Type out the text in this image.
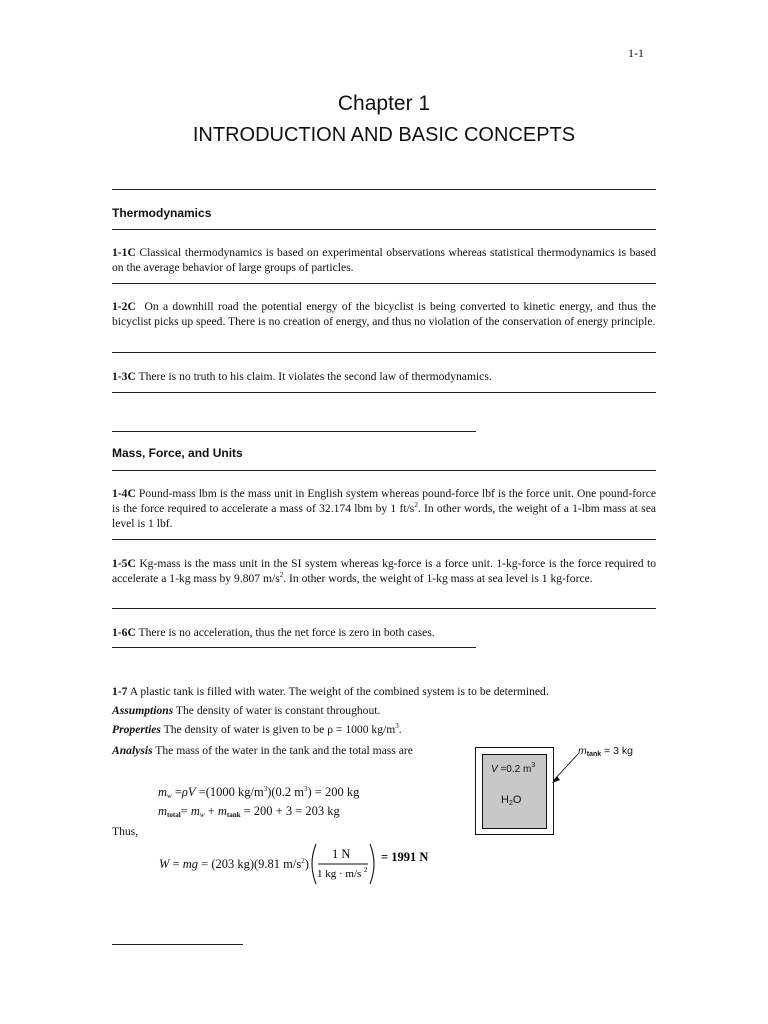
1-1
Chapter 1
INTRODUCTION AND BASIC CONCEPTS
Thermodynamics
1-1C Classical thermodynamics is based on experimental observations whereas statistical thermodynamics is based on the average behavior of large groups of particles.
1-2C On a downhill road the potential energy of the bicyclist is being converted to kinetic energy, and thus the bicyclist picks up speed. There is no creation of energy, and thus no violation of the conservation of energy principle.
1-3C There is no truth to his claim. It violates the second law of thermodynamics.
Mass, Force, and Units
1-4C Pound-mass lbm is the mass unit in English system whereas pound-force lbf is the force unit. One pound-force is the force required to accelerate a mass of 32.174 lbm by 1 $ft/s^2$. In other words, the weight of a 1-lbm mass at sea level is 1 lbf.
1-5C Kg-mass is the mass unit in the SI system whereas kg-force is a force unit. 1-kg-force is the force required to accelerate a 1-kg mass by 9.807 $m/s^2$. In other words, the weight of 1-kg mass at sea level is 1 kg-force.
1-6C There is no acceleration, thus the net force is zero in both cases.
1-7 A plastic tank is filled with water. The weight of the combined system is to be determined.
Assumptions The density of water is constant throughout.
Properties The density of water is given to be ρ = 1000 $kg/m^3$.
Analysis The mass of the water in the tank and the total mass are
$m_w =\rho V =(1000$ $kg/m^3)(0.2$ $m^3) = 200$ kg
$m_{total}= m_w + m_{tank} = 200 + 3 = 203$ kg
Thus,
W = mg = (203 kg)(9.81 $m/s^2$)
1 N
1 kg · m/s 2
= 1991 N
V =0.2 $m^3$
$H_2O$
$m_{tank} = 3$ kg
